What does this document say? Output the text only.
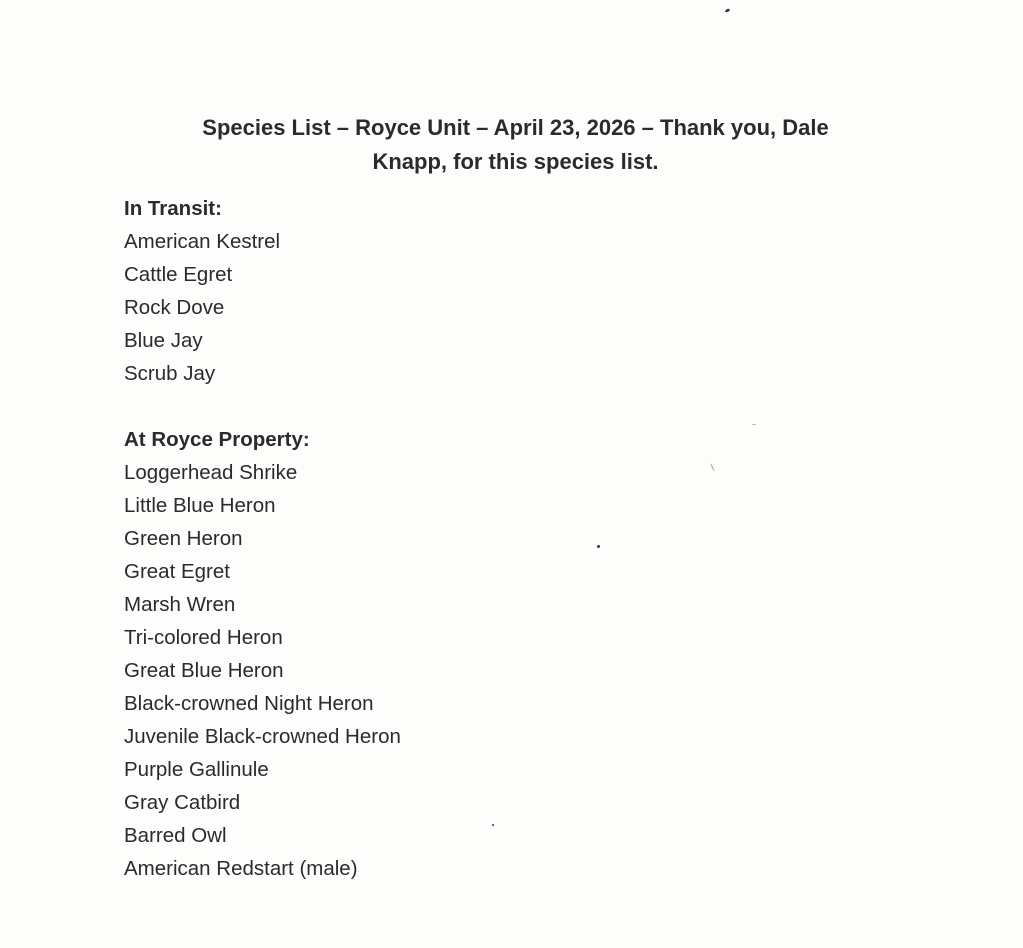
Species List – Royce Unit – April 23, 2026 – Thank you, Dale
Knapp, for this species list.
In Transit:
American Kestrel
Cattle Egret
Rock Dove
Blue Jay
Scrub Jay
At Royce Property:
Loggerhead Shrike
Little Blue Heron
Green Heron
Great Egret
Marsh Wren
Tri-colored Heron
Great Blue Heron
Black-crowned Night Heron
Juvenile Black-crowned Heron
Purple Gallinule
Gray Catbird
Barred Owl
American Redstart (male)
